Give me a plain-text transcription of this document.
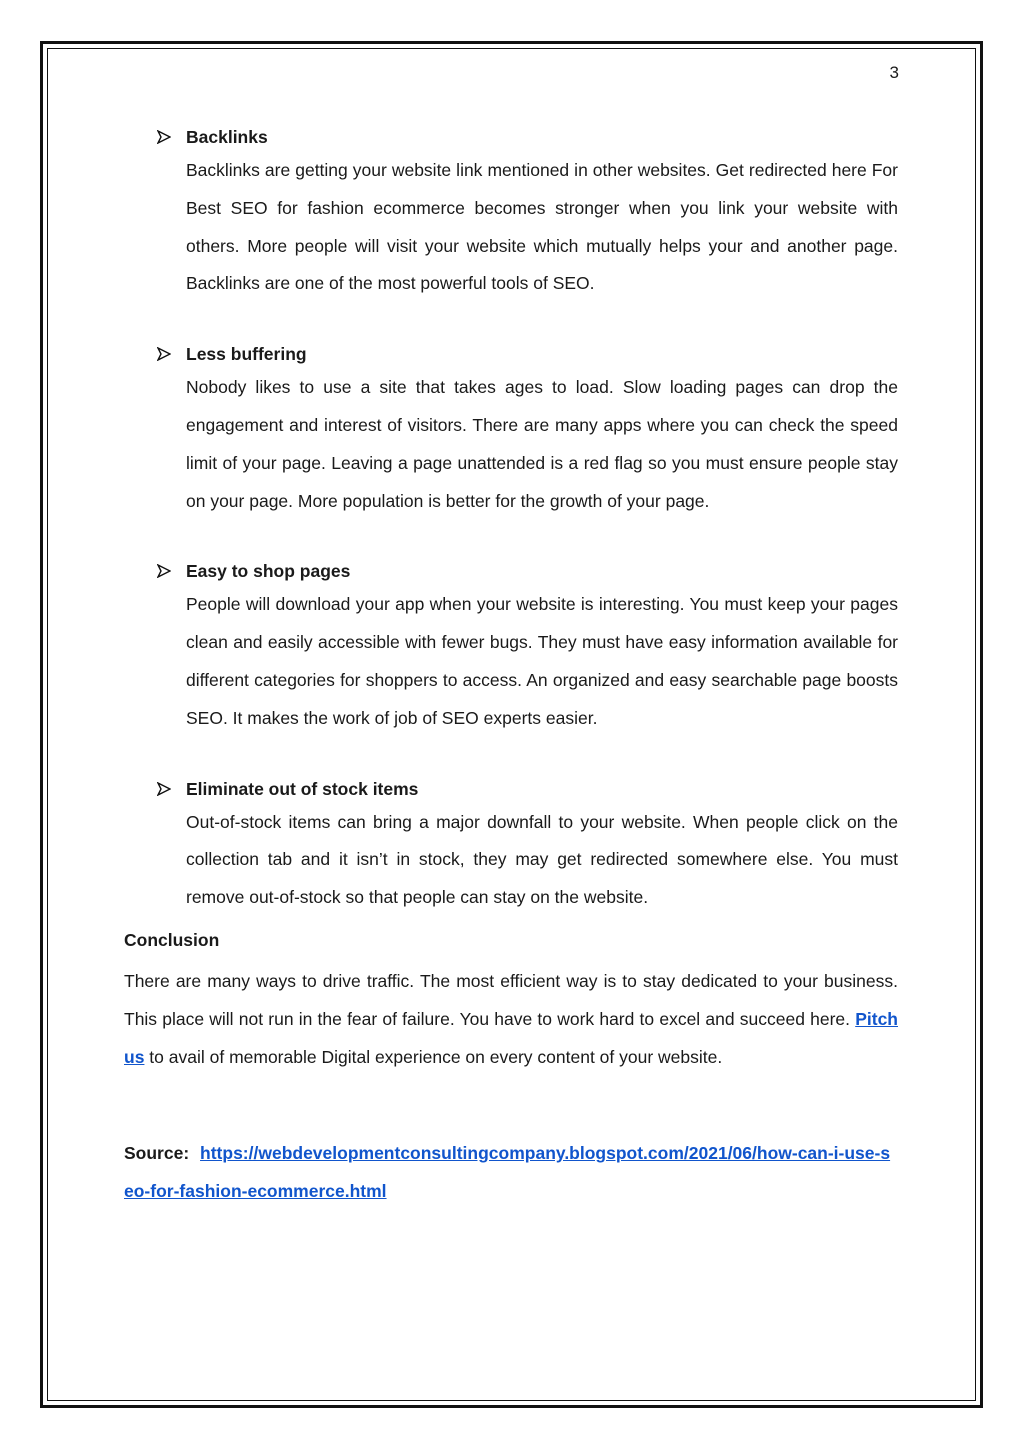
3
Backlinks

Backlinks are getting your website link mentioned in other websites. Get redirected here For Best SEO for fashion ecommerce becomes stronger when you link your website with others. More people will visit your website which mutually helps your and another page. Backlinks are one of the most powerful tools of SEO.

Less buffering

Nobody likes to use a site that takes ages to load. Slow loading pages can drop the engagement and interest of visitors. There are many apps where you can check the speed limit of your page. Leaving a page unattended is a red flag so you must ensure people stay on your page. More population is better for the growth of your page.

Easy to shop pages

People will download your app when your website is interesting. You must keep your pages clean and easily accessible with fewer bugs. They must have easy information available for different categories for shoppers to access. An organized and easy searchable page boosts SEO. It makes the work of job of SEO experts easier.

Eliminate out of stock items

Out-of-stock items can bring a major downfall to your website. When people click on the collection tab and it isn’t in stock, they may get redirected somewhere else. You must remove out-of-stock so that people can stay on the website.

Conclusion

There are many ways to drive traffic. The most efficient way is to stay dedicated to your business. This place will not run in the fear of failure. You have to work hard to excel and succeed here. Pitch us to avail of memorable Digital experience on every content of your website.

Source: https://webdevelopmentconsultingcompany.blogspot.com/2021/06/how-can-i-use-seo-for-fashion-ecommerce.html
